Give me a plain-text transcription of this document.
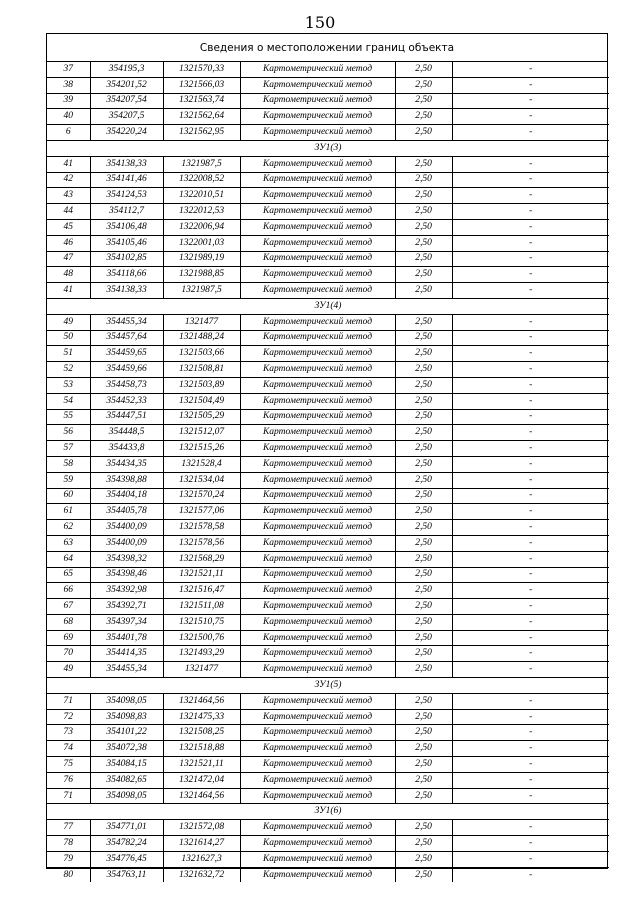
150
Сведения о местоположении границ объекта
37	354195,3	1321570,33	Картометрический метод	2,50	-
38	354201,52	1321566,03	Картометрический метод	2,50	-
39	354207,54	1321563,74	Картометрический метод	2,50	-
40	354207,5	1321562,64	Картометрический метод	2,50	-
6	354220,24	1321562,95	Картометрический метод	2,50	-
ЗУ1(3)					
41	354138,33	1321987,5	Картометрический метод	2,50	-
42	354141,46	1322008,52	Картометрический метод	2,50	-
43	354124,53	1322010,51	Картометрический метод	2,50	-
44	354112,7	1322012,53	Картометрический метод	2,50	-
45	354106,48	1322006,94	Картометрический метод	2,50	-
46	354105,46	1322001,03	Картометрический метод	2,50	-
47	354102,85	1321989,19	Картометрический метод	2,50	-
48	354118,66	1321988,85	Картометрический метод	2,50	-
41	354138,33	1321987,5	Картометрический метод	2,50	-
ЗУ1(4)					
49	354455,34	1321477	Картометрический метод	2,50	-
50	354457,64	1321488,24	Картометрический метод	2,50	-
51	354459,65	1321503,66	Картометрический метод	2,50	-
52	354459,66	1321508,81	Картометрический метод	2,50	-
53	354458,73	1321503,89	Картометрический метод	2,50	-
54	354452,33	1321504,49	Картометрический метод	2,50	-
55	354447,51	1321505,29	Картометрический метод	2,50	-
56	354448,5	1321512,07	Картометрический метод	2,50	-
57	354433,8	1321515,26	Картометрический метод	2,50	-
58	354434,35	1321528,4	Картометрический метод	2,50	-
59	354398,88	1321534,04	Картометрический метод	2,50	-
60	354404,18	1321570,24	Картометрический метод	2,50	-
61	354405,78	1321577,06	Картометрический метод	2,50	-
62	354400,09	1321578,58	Картометрический метод	2,50	-
63	354400,09	1321578,56	Картометрический метод	2,50	-
64	354398,32	1321568,29	Картометрический метод	2,50	-
65	354398,46	1321521,11	Картометрический метод	2,50	-
66	354392,98	1321516,47	Картометрический метод	2,50	-
67	354392,71	1321511,08	Картометрический метод	2,50	-
68	354397,34	1321510,75	Картометрический метод	2,50	-
69	354401,78	1321500,76	Картометрический метод	2,50	-
70	354414,35	1321493,29	Картометрический метод	2,50	-
49	354455,34	1321477	Картометрический метод	2,50	-
ЗУ1(5)					
71	354098,05	1321464,56	Картометрический метод	2,50	-
72	354098,83	1321475,33	Картометрический метод	2,50	-
73	354101,22	1321508,25	Картометрический метод	2,50	-
74	354072,38	1321518,88	Картометрический метод	2,50	-
75	354084,15	1321521,11	Картометрический метод	2,50	-
76	354082,65	1321472,04	Картометрический метод	2,50	-
71	354098,05	1321464,56	Картометрический метод	2,50	-
ЗУ1(6)					
77	354771,01	1321572,08	Картометрический метод	2,50	-
78	354782,24	1321614,27	Картометрический метод	2,50	-
79	354776,45	1321627,3	Картометрический метод	2,50	-
80	354763,11	1321632,72	Картометрический метод	2,50	-
